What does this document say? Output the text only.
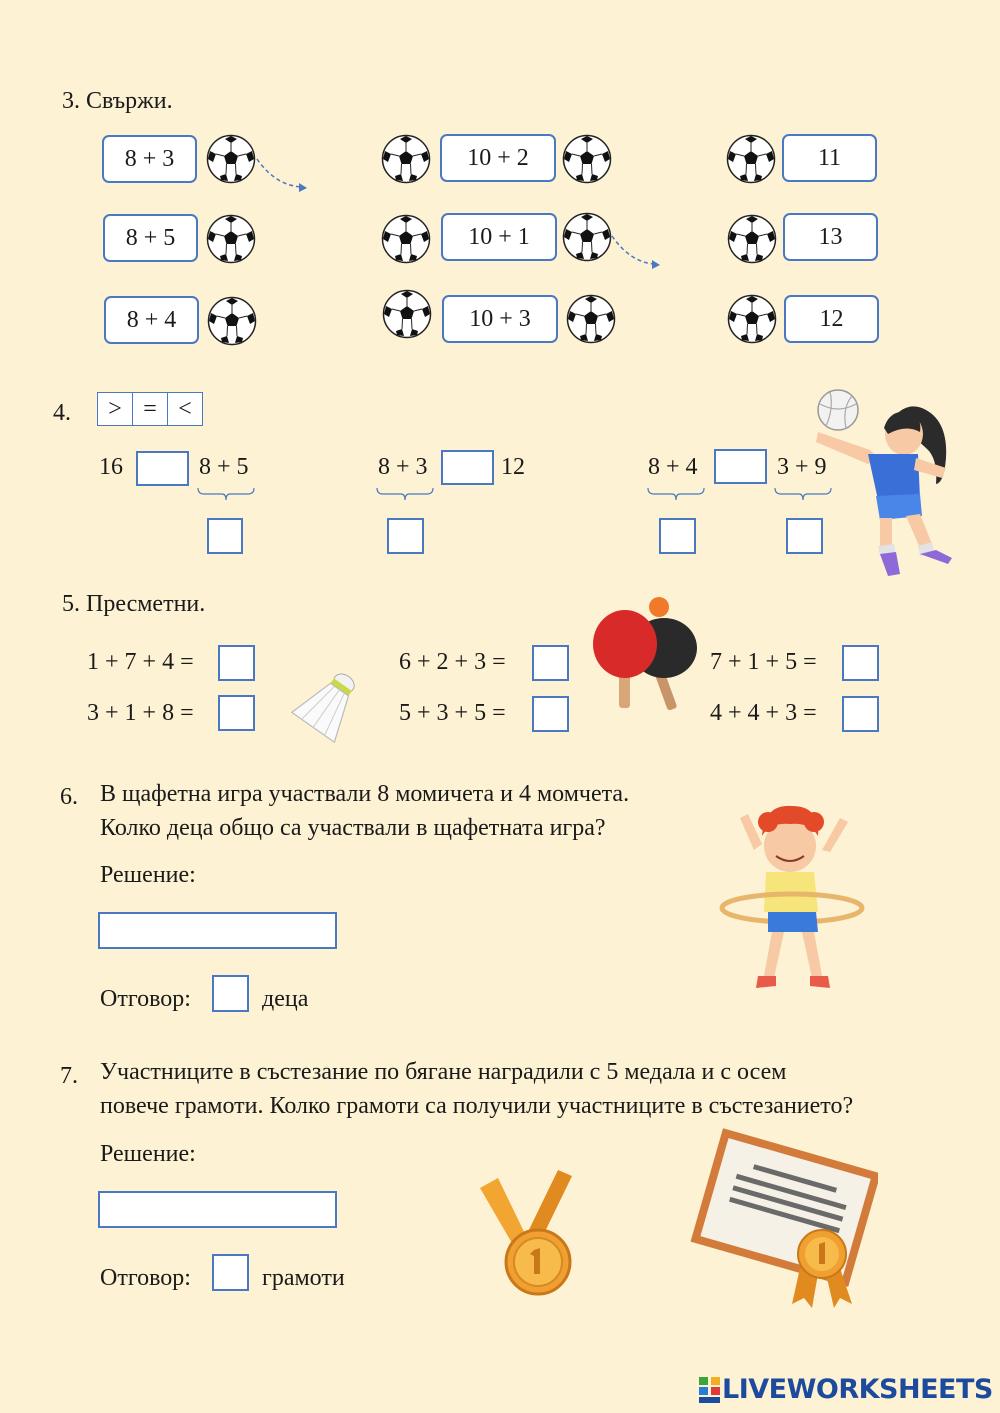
3. Свържи.
8 + 3
8 + 5
8 + 4
10 + 2
10 + 1
10 + 3
11
13
12
4.	> = <
16	8 + 5	8 + 3	12	8 + 4	3 + 9
5. Пресметни.
1 + 7 + 4 =
3 + 1 + 8 =
6 + 2 + 3 =
5 + 3 + 5 =
7 + 1 + 5 =
4 + 4 + 3 =
6. В щафетна игра участвали 8 момичета и 4 момчета.
Колко деца общо са участвали в щафетната игра?
Решение:
Отговор:	деца
7. Участниците в състезание по бягане наградили с 5 медала и с осем
повече грамоти. Колко грамоти са получили участниците в състезанието?
Решение:
Отговор:	грамоти
LIVEWORKSHEETS
